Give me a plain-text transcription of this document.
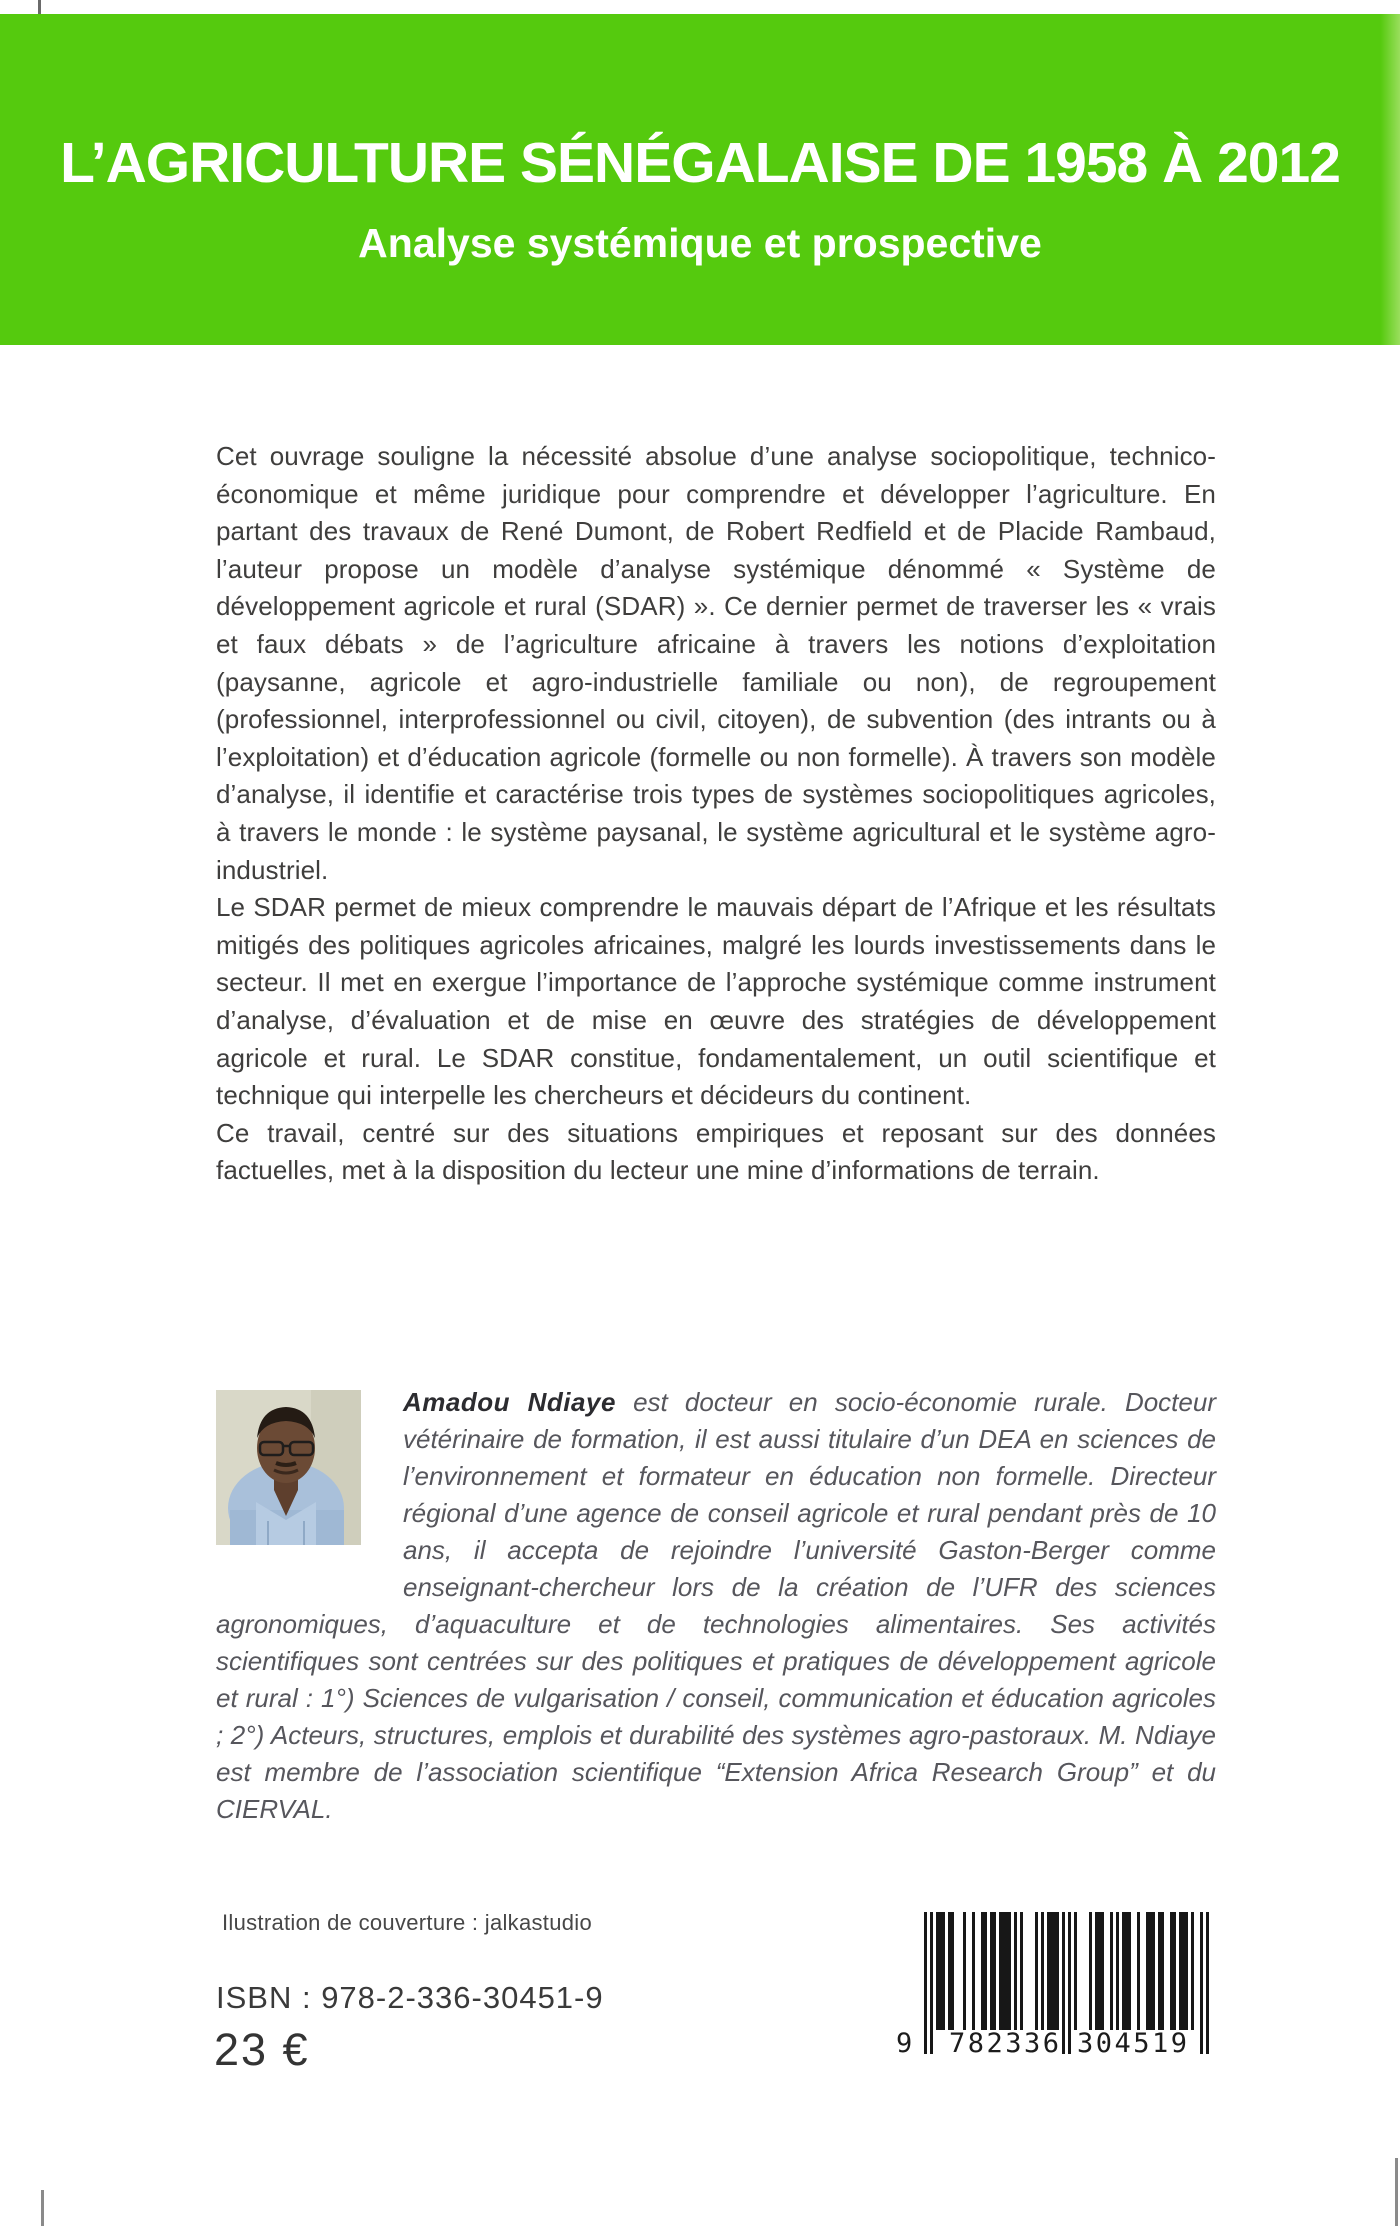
L’AGRICULTURE SÉNÉGALAISE DE 1958 À 2012
Analyse systémique et prospective

Cet ouvrage souligne la nécessité absolue d’une analyse sociopolitique, technico-économique et même juridique pour comprendre et développer l’agriculture. En partant des travaux de René Dumont, de Robert Redfield et de Placide Rambaud, l’auteur propose un modèle d’analyse systémique dénommé « Système de développement agricole et rural (SDAR) ». Ce dernier permet de traverser les « vrais et faux débats » de l’agriculture africaine à travers les notions d’exploitation (paysanne, agricole et agro-industrielle familiale ou non), de regroupement (professionnel, interprofessionnel ou civil, citoyen), de subvention (des intrants ou à l’exploitation) et d’éducation agricole (formelle ou non formelle). À travers son modèle d’analyse, il identifie et caractérise trois types de systèmes sociopolitiques agricoles, à travers le monde : le système paysanal, le système agricultural et le système agro-industriel.

Le SDAR permet de mieux comprendre le mauvais départ de l’Afrique et les résultats mitigés des politiques agricoles africaines, malgré les lourds investissements dans le secteur. Il met en exergue l’importance de l’approche systémique comme instrument d’analyse, d’évaluation et de mise en œuvre des stratégies de développement agricole et rural. Le SDAR constitue, fondamentalement, un outil scientifique et technique qui interpelle les chercheurs et décideurs du continent.

Ce travail, centré sur des situations empiriques et reposant sur des données factuelles, met à la disposition du lecteur une mine d’informations de terrain.

Amadou Ndiaye est docteur en socio-économie rurale. Docteur vétérinaire de formation, il est aussi titulaire d’un DEA en sciences de l’environnement et formateur en éducation non formelle. Directeur régional d’une agence de conseil agricole et rural pendant près de 10 ans, il accepta de rejoindre l’université Gaston-Berger comme enseignant-chercheur lors de la création de l’UFR des sciences agronomiques, d’aquaculture et de technologies alimentaires. Ses activités scientifiques sont centrées sur des politiques et pratiques de développement agricole et rural : 1°) Sciences de vulgarisation / conseil, communication et éducation agricoles ; 2°) Acteurs, structures, emplois et durabilité des systèmes agro-pastoraux. M. Ndiaye est membre de l’association scientifique “Extension Africa Research Group” et du CIERVAL.

Ilustration de couverture : jalkastudio
ISBN : 978-2-336-30451-9
23 €	9 782336 304519
